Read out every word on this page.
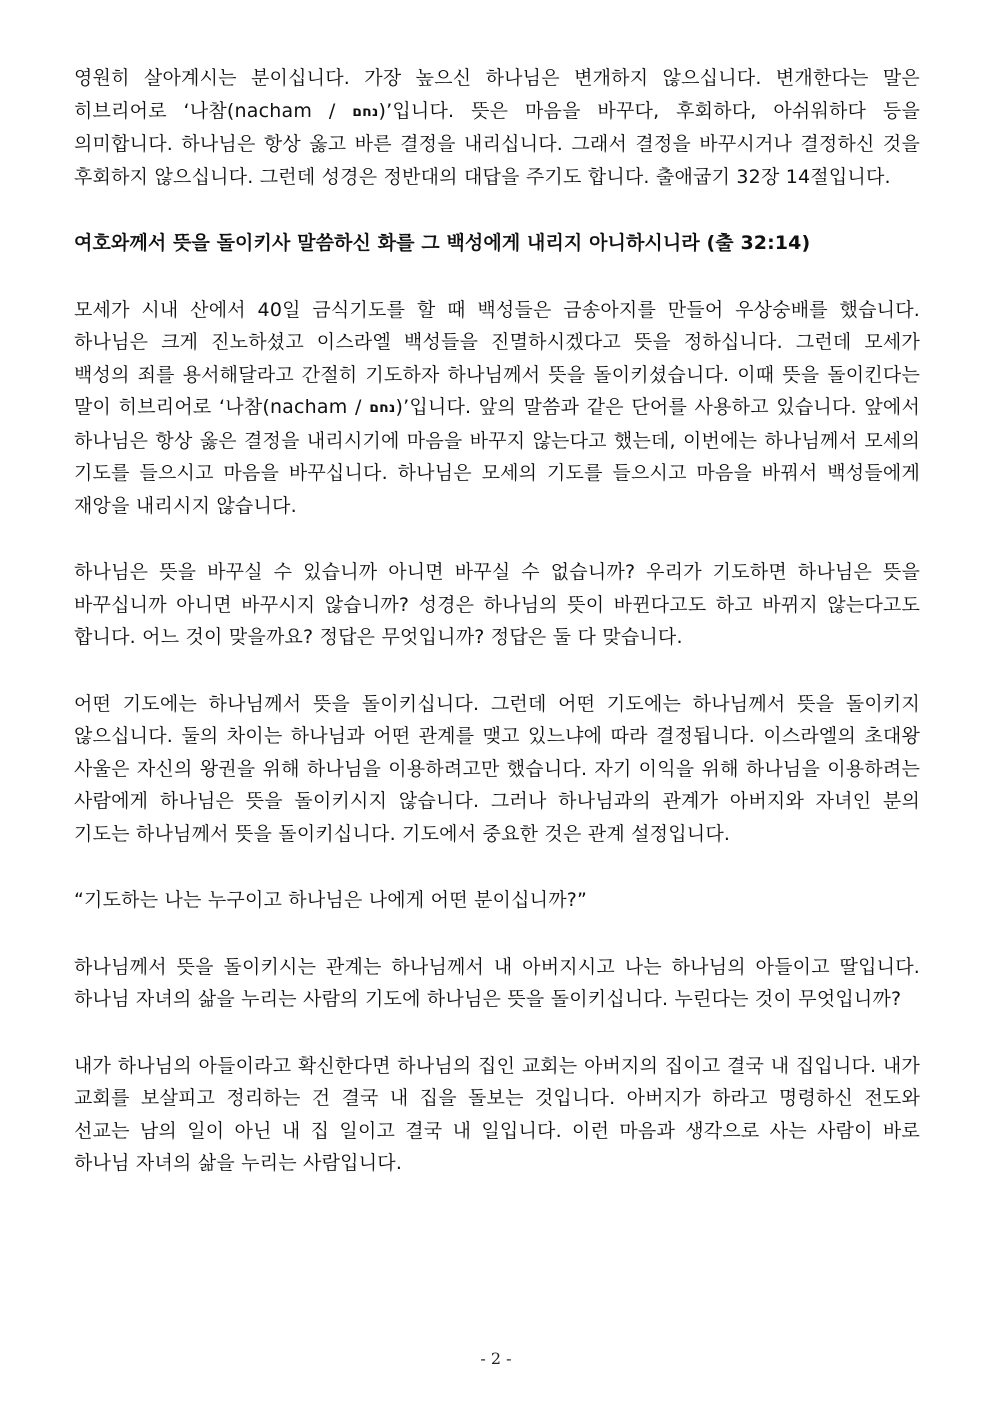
영원히 살아계시는 분이십니다. 가장 높으신 하나님은 변개하지 않으십니다. 변개한다는 말은 히브리어로 ‘나참(nacham / נחם)’입니다. 뜻은 마음을 바꾸다, 후회하다, 아쉬워하다 등을 의미합니다. 하나님은 항상 옳고 바른 결정을 내리십니다. 그래서 결정을 바꾸시거나 결정하신 것을 후회하지 않으십니다. 그런데 성경은 정반대의 대답을 주기도 합니다. 출애굽기 32장 14절입니다.

여호와께서 뜻을 돌이키사 말씀하신 화를 그 백성에게 내리지 아니하시니라 (출 32:14)

모세가 시내 산에서 40일 금식기도를 할 때 백성들은 금송아지를 만들어 우상숭배를 했습니다. 하나님은 크게 진노하셨고 이스라엘 백성들을 진멸하시겠다고 뜻을 정하십니다. 그런데 모세가 백성의 죄를 용서해달라고 간절히 기도하자 하나님께서 뜻을 돌이키셨습니다. 이때 뜻을 돌이킨다는 말이 히브리어로 ‘나참(nacham / נחם)’입니다. 앞의 말씀과 같은 단어를 사용하고 있습니다. 앞에서 하나님은 항상 옳은 결정을 내리시기에 마음을 바꾸지 않는다고 했는데, 이번에는 하나님께서 모세의 기도를 들으시고 마음을 바꾸십니다. 하나님은 모세의 기도를 들으시고 마음을 바꿔서 백성들에게 재앙을 내리시지 않습니다.

하나님은 뜻을 바꾸실 수 있습니까 아니면 바꾸실 수 없습니까? 우리가 기도하면 하나님은 뜻을 바꾸십니까 아니면 바꾸시지 않습니까? 성경은 하나님의 뜻이 바뀐다고도 하고 바뀌지 않는다고도 합니다. 어느 것이 맞을까요? 정답은 무엇입니까? 정답은 둘 다 맞습니다.

어떤 기도에는 하나님께서 뜻을 돌이키십니다. 그런데 어떤 기도에는 하나님께서 뜻을 돌이키지 않으십니다. 둘의 차이는 하나님과 어떤 관계를 맺고 있느냐에 따라 결정됩니다. 이스라엘의 초대왕 사울은 자신의 왕권을 위해 하나님을 이용하려고만 했습니다. 자기 이익을 위해 하나님을 이용하려는 사람에게 하나님은 뜻을 돌이키시지 않습니다. 그러나 하나님과의 관계가 아버지와 자녀인 분의 기도는 하나님께서 뜻을 돌이키십니다. 기도에서 중요한 것은 관계 설정입니다.

“기도하는 나는 누구이고 하나님은 나에게 어떤 분이십니까?”

하나님께서 뜻을 돌이키시는 관계는 하나님께서 내 아버지시고 나는 하나님의 아들이고 딸입니다. 하나님 자녀의 삶을 누리는 사람의 기도에 하나님은 뜻을 돌이키십니다. 누린다는 것이 무엇입니까?

내가 하나님의 아들이라고 확신한다면 하나님의 집인 교회는 아버지의 집이고 결국 내 집입니다. 내가 교회를 보살피고 정리하는 건 결국 내 집을 돌보는 것입니다. 아버지가 하라고 명령하신 전도와 선교는 남의 일이 아닌 내 집 일이고 결국 내 일입니다. 이런 마음과 생각으로 사는 사람이 바로 하나님 자녀의 삶을 누리는 사람입니다.

- 2 -
